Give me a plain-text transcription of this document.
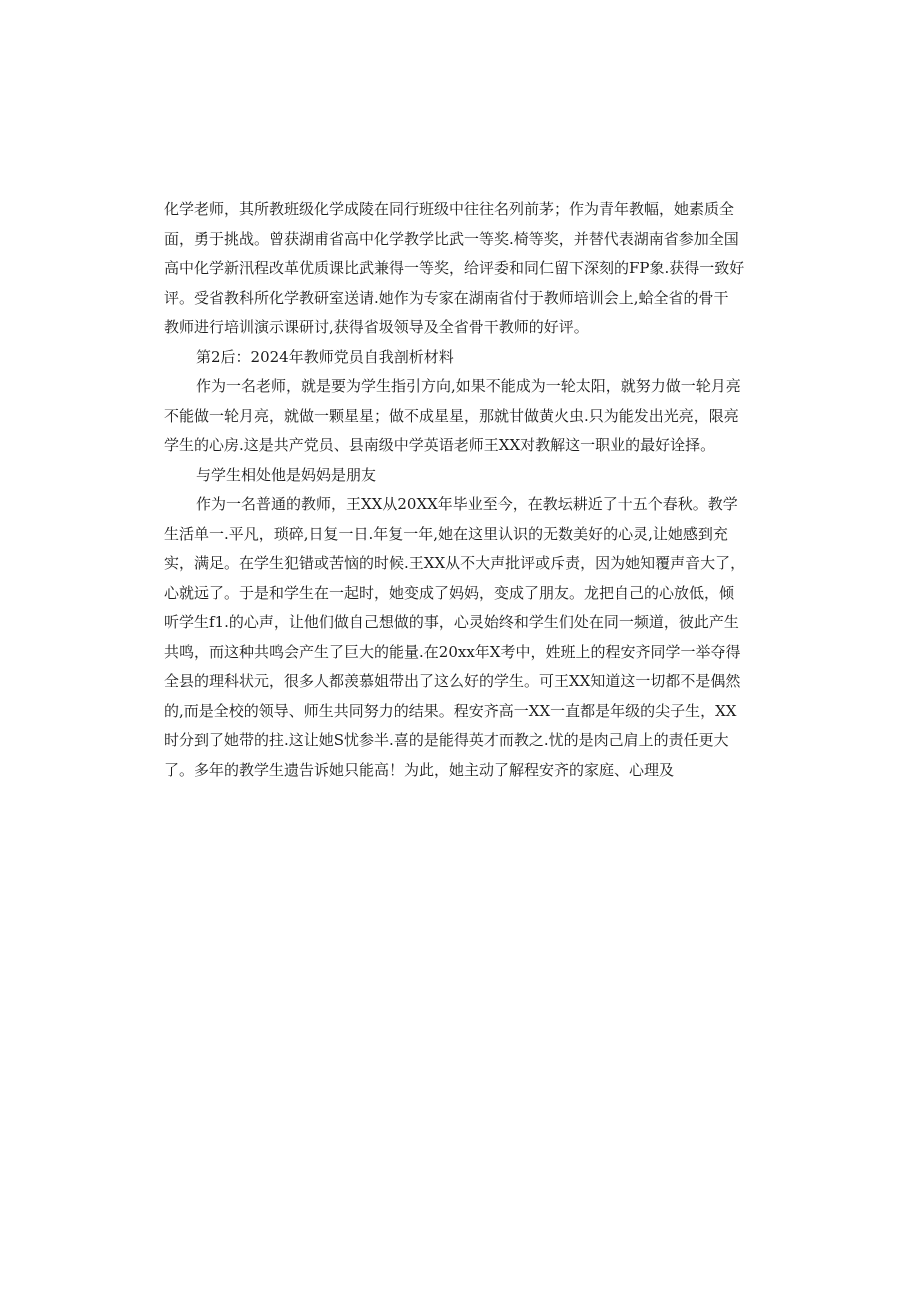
化学老师，其所教班级化学成陵在同行班级中往往名列前茅；作为青年教幅，她素质全
面，勇于挑战。曾获湖甫省高中化学教学比武一等奖.椅等奖，并替代表湖南省参加全国
高中化学新汛程改革优质课比武兼得一等奖，给评委和同仁留下深刻的FP象.获得一致好
评。受省教科所化学教研室送请.她作为专家在湖南省付于教师培训会上,蛤全省的骨干
教师进行培训演示课研讨,获得省圾领导及全省骨干教师的好评。
第2后：2024年教师党员自我剖析材料
作为一名老师，就是要为学生指引方向,如果不能成为一轮太阳，就努力做一轮月亮
不能做一轮月亮，就做一颗星星；做不成星星，那就甘做黄火虫.只为能发出光亮，限亮
学生的心房.这是共产党员、县南级中学英语老师王XX对教解这一职业的最好诠择。
与学生相处他是妈妈是朋友
作为一名普通的教师，王XX从20XX年毕业至今，在教坛耕近了十五个春秋。教学
生活单一.平凡，琐碎,日复一日.年复一年,她在这里认识的无数美好的心灵,让她感到充
实，满足。在学生犯错或苦恼的时候.王XX从不大声批评或斥责，因为她知覆声音大了，
心就远了。于是和学生在一起时，她变成了妈妈，变成了朋友。龙把自己的心放低，倾
听学生f1.的心声，让他们做自己想做的事，心灵始终和学生们处在同一频道，彼此产生
共鸣，而这种共鸣会产生了巨大的能量.在20xx年X考中，姓班上的程安齐同学一举夺得
全县的理科状元，很多人都羡慕姐带出了这么好的学生。可王XX知道这一切都不是偶然
的,而是全校的领导、师生共同努力的结果。程安齐高一XX一直都是年级的尖子生，XX
时分到了她带的拄.这让她S忧参半.喜的是能得英才而教之.忧的是肉己肩上的责任更大
了。多年的教学生遗告诉她只能高！为此，她主动了解程安齐的家庭、心理及
